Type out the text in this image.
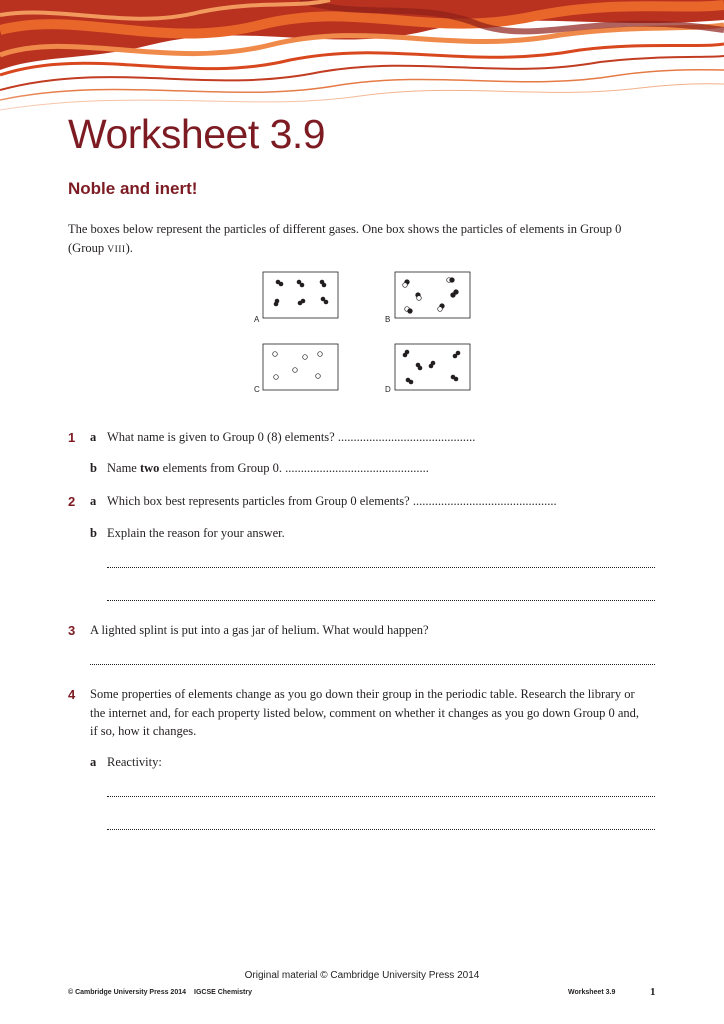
Worksheet 3.9
Noble and inert!

The boxes below represent the particles of different gases. One box shows the particles of elements in Group 0

(Group VIII).

A	B
C	D
1 a What name is given to Group 0 (8) elements? ............................................

b Name two elements from Group 0. ..............................................

2 a Which box best represents particles from Group 0 elements? ..............................................

b Explain the reason for your answer.

3 A lighted splint is put into a gas jar of helium. What would happen?

4 Some properties of elements change as you go down their group in the periodic table. Research the library or

the internet and, for each property listed below, comment on whether it changes as you go down Group 0 and,

if so, how it changes.

a Reactivity:

Original material © Cambridge University Press 2014
© Cambridge University Press 2014 IGCSE Chemistry	Worksheet 3.9	1
